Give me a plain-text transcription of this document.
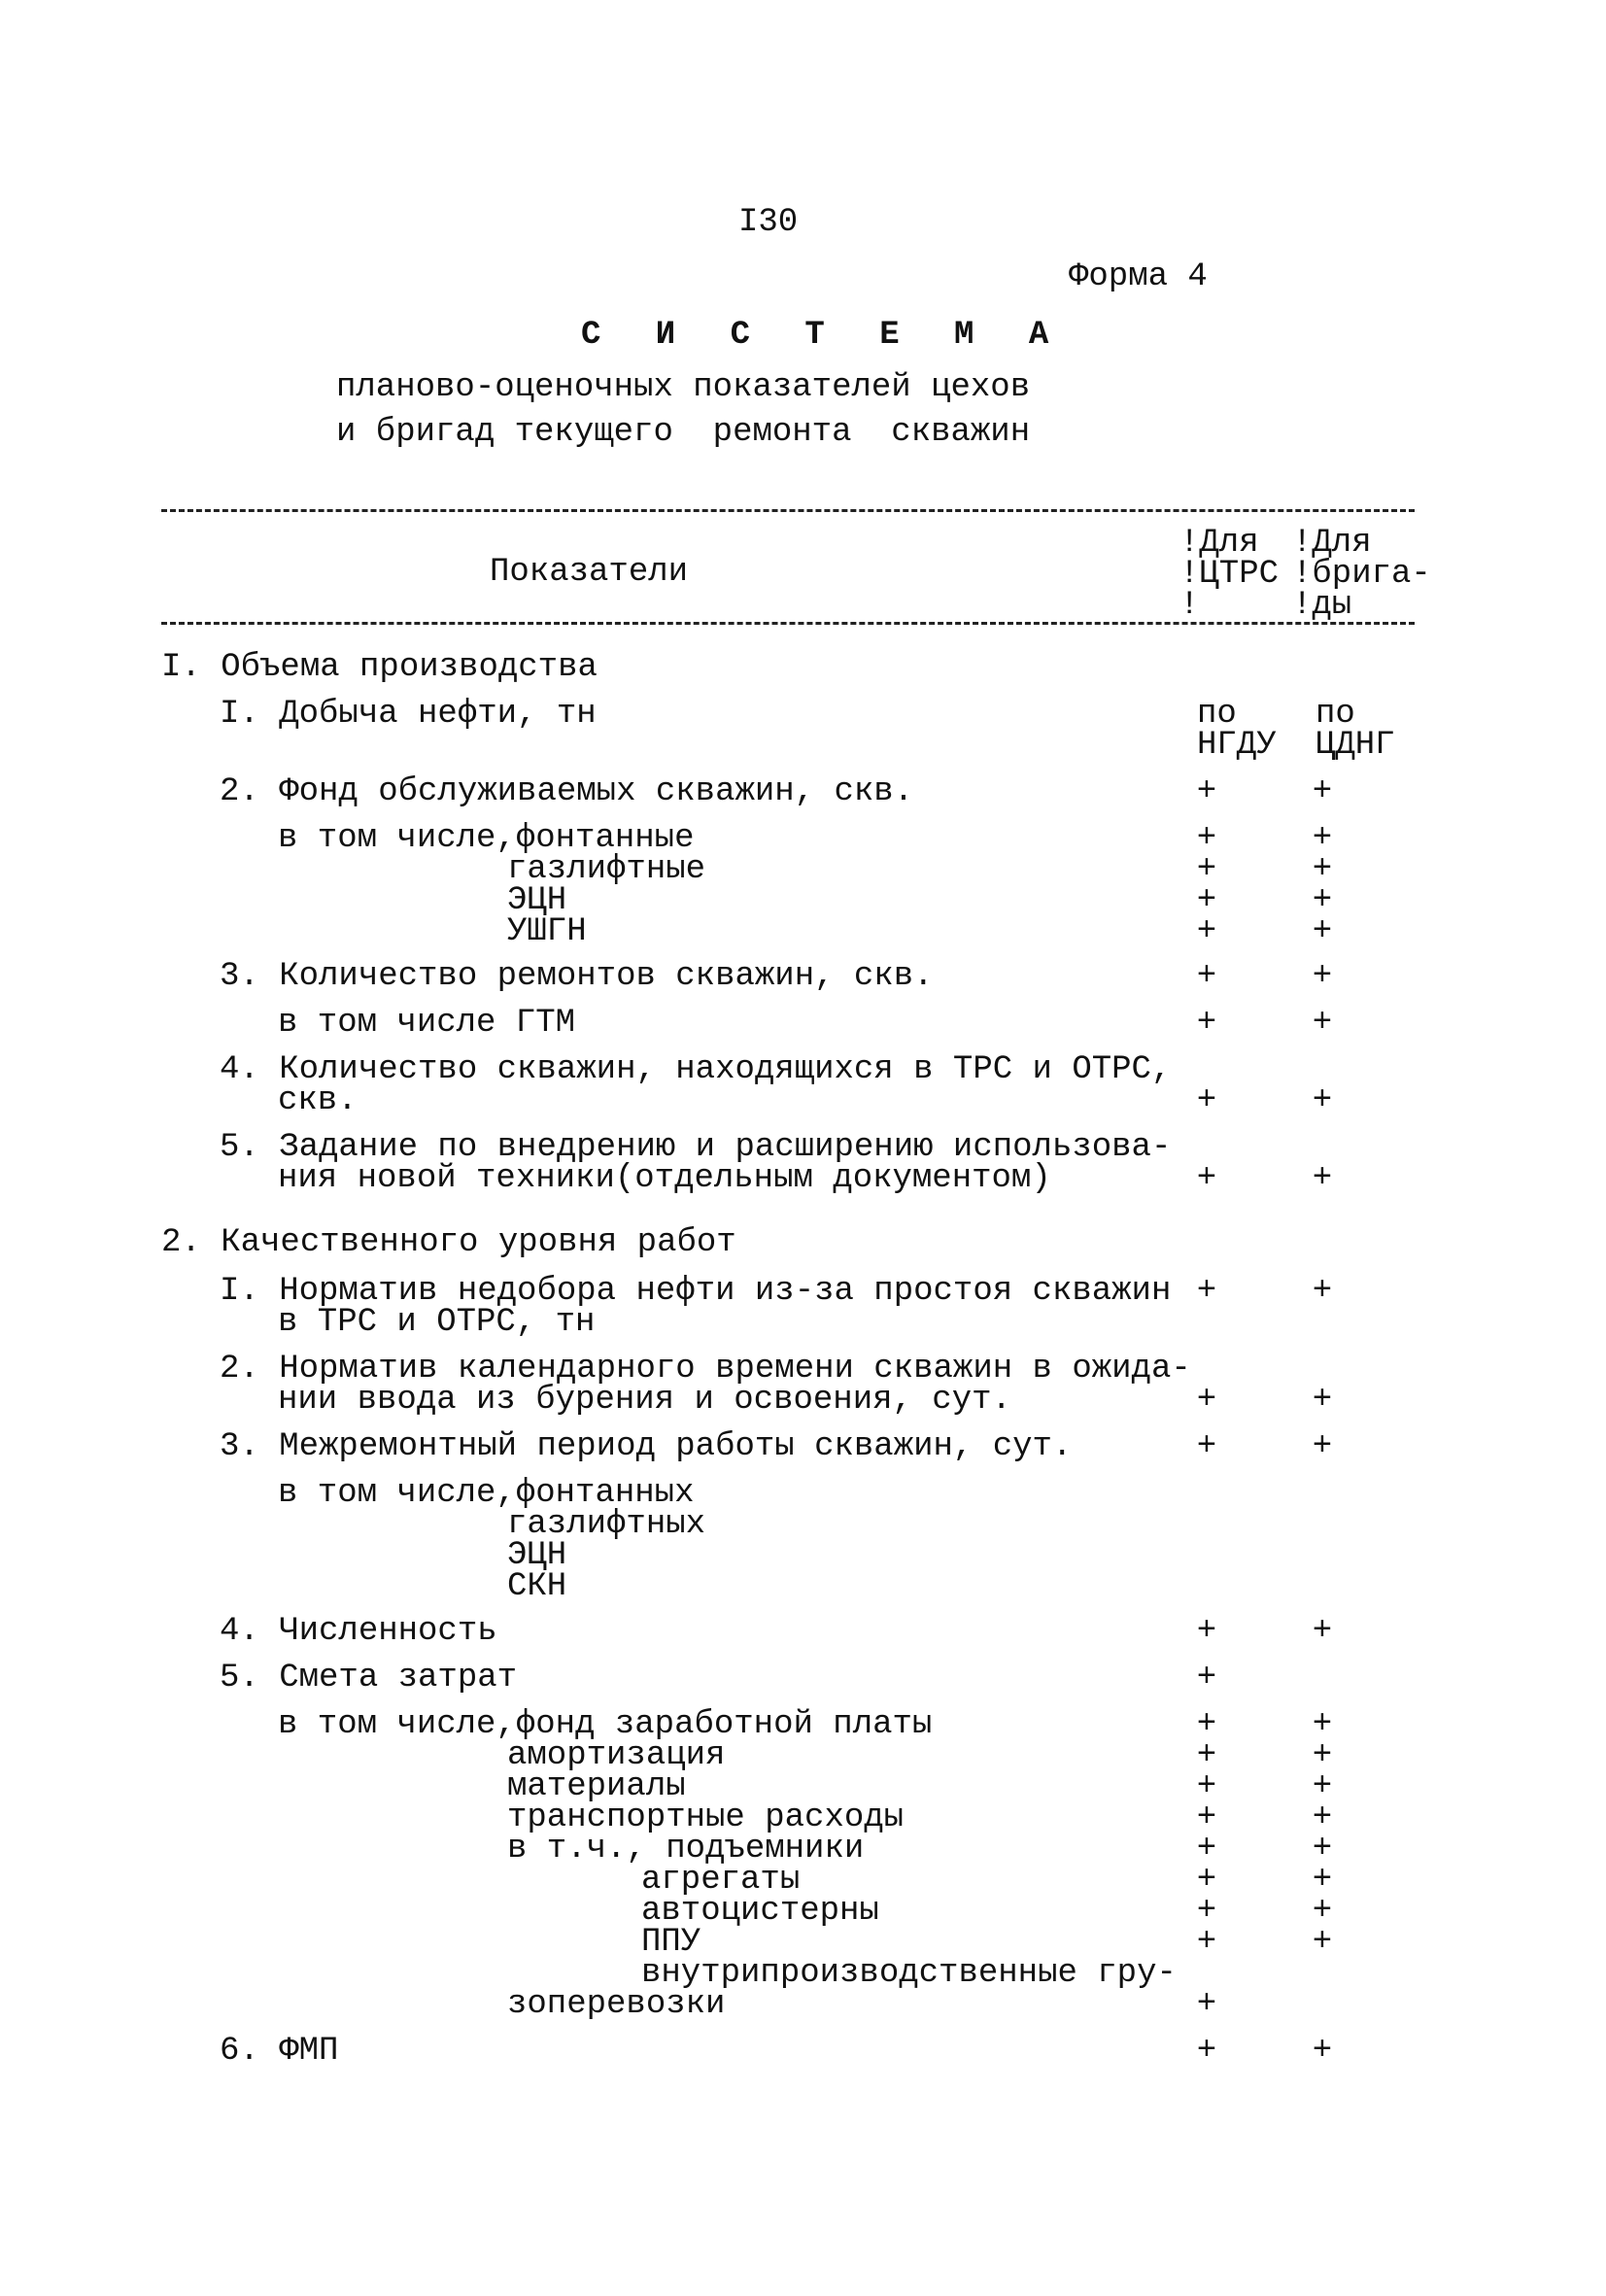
I30
Форма 4
С И С Т Е М А
планово-оценочных показателей цехов
и бригад текущего  ремонта  скважин
Показатели
!Для
!ЦТРС
!
!Для
!брига-
!ды
I. Объема производства
I. Добыча нефти, тн
2. Фонд обслуживаемых скважин, скв.
в том числе,фонтанные
газлифтные
ЭЦН
УШГН
3. Количество ремонтов скважин, скв.
в том числе ГТМ
4. Количество скважин, находящихся в ТРС и ОТРС,
скв.
5. Задание по внедрению и расширению использова-
ния новой техники(отдельным документом)
2. Качественного уровня работ
I. Норматив недобора нефти из-за простоя скважин
в ТРС и ОТРС, тн
2. Норматив календарного времени скважин в ожида-
нии ввода из бурения и освоения, сут.
3. Межремонтный период работы скважин, сут.
в том числе,фонтанных
газлифтных
ЭЦН
СКН
4. Численность
5. Смета затрат
в том числе,фонд заработной платы
амортизация
материалы
транспортные расходы
в т.ч., подъемники
агрегаты
автоцистерны
ППУ
внутрипроизводственные гру-
зоперевозки
6. ФМП
по
НГДУ
по
ЦДНГ
+
+
+
+
+
+
+
+
+
+
+
+
+
+
+
+
+
+
+
+
+
+
+
+
+
+
+
+
+
+
+
+
+
+
+
+
+
+
+
+
+
+
+
+
+
+
